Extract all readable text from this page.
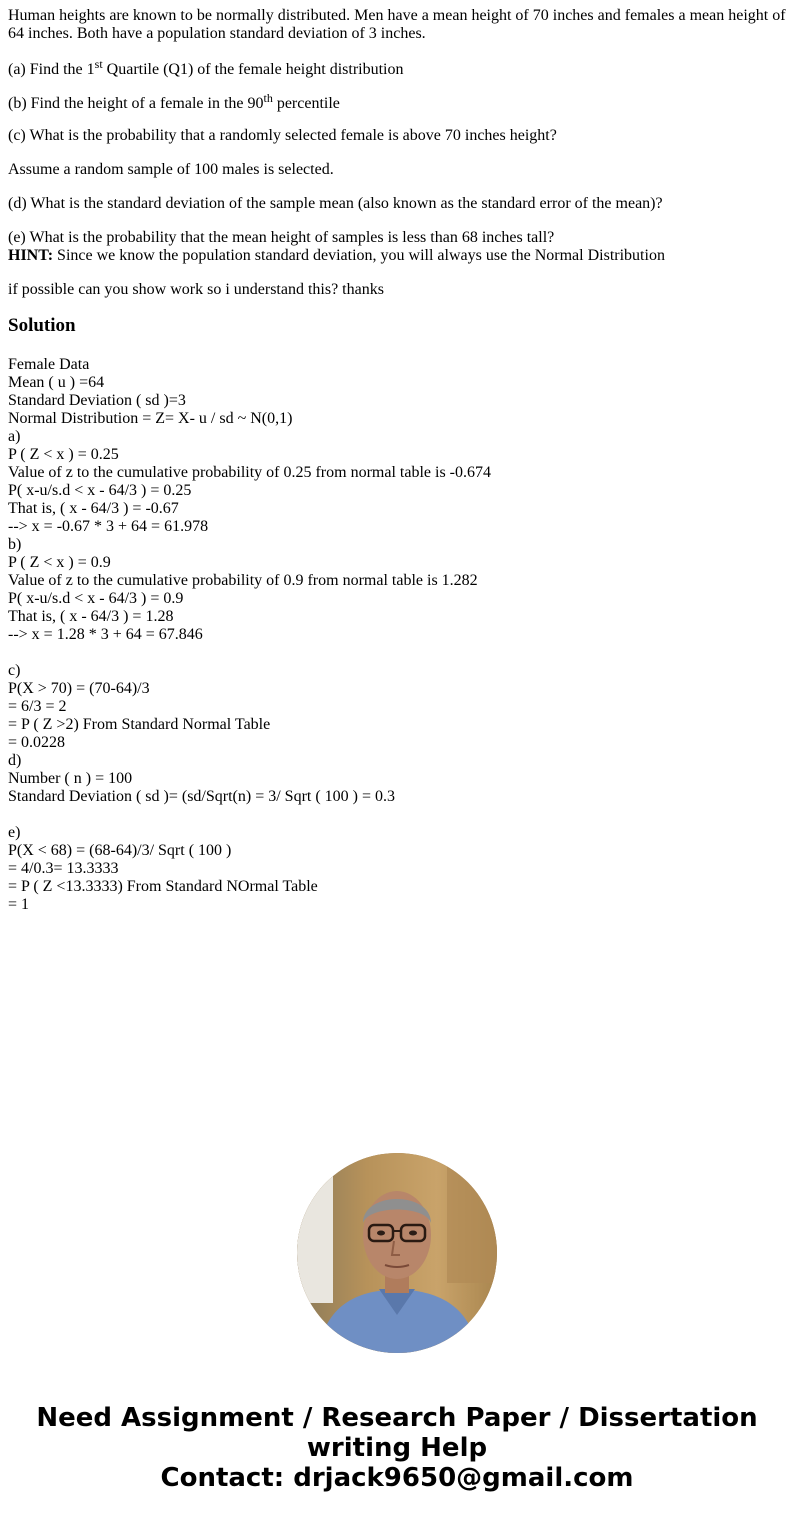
Human heights are known to be normally distributed. Men have a mean height of 70 inches and females a mean height of 64 inches. Both have a population standard deviation of 3 inches.
(a) Find the 1st Quartile (Q1) of the female height distribution
(b) Find the height of a female in the 90th percentile
(c) What is the probability that a randomly selected female is above 70 inches height?
Assume a random sample of 100 males is selected.
(d) What is the standard deviation of the sample mean (also known as the standard error of the mean)?
(e) What is the probability that the mean height of samples is less than 68 inches tall?
HINT: Since we know the population standard deviation, you will always use the Normal Distribution
if possible can you show work so i understand this? thanks
Solution
Female Data
Mean ( u ) =64
Standard Deviation ( sd )=3
Normal Distribution = Z= X- u / sd ~ N(0,1)
a)
P ( Z < x ) = 0.25
Value of z to the cumulative probability of 0.25 from normal table is -0.674
P( x-u/s.d < x - 64/3 ) = 0.25
That is, ( x - 64/3 ) = -0.67
--> x = -0.67 * 3 + 64 = 61.978
b)
P ( Z < x ) = 0.9
Value of z to the cumulative probability of 0.9 from normal table is 1.282
P( x-u/s.d < x - 64/3 ) = 0.9
That is, ( x - 64/3 ) = 1.28
--> x = 1.28 * 3 + 64 = 67.846
c)
P(X > 70) = (70-64)/3
= 6/3 = 2
= P ( Z >2) From Standard Normal Table
= 0.0228
d)
Number ( n ) = 100
Standard Deviation ( sd )= (sd/Sqrt(n) = 3/ Sqrt ( 100 ) = 0.3
e)
P(X < 68) = (68-64)/3/ Sqrt ( 100 )
= 4/0.3= 13.3333
= P ( Z <13.3333) From Standard NOrmal Table
= 1
Need Assignment / Research Paper / Dissertation
writing Help
Contact: drjack9650@gmail.com
